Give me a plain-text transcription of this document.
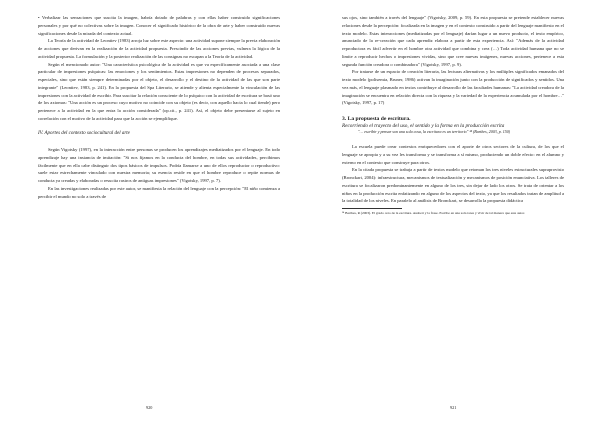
• Verbalizar las sensaciones que suscita la imagen, habría dotado de palabras y con ellas haber construido significaciones personales y por qué no colectivas sobre la imagen. Conocer el significado histórico de la obra de arte y haber construido nuevas significaciones desde la mirada del contexto actual.

La Teoría de la actividad de Leontiev (1983) arroja luz sobre este aspecto: una actividad supone siempre la previa elaboración de acciones que derivan en la realización de la actividad propuesta. Prescindir de las acciones previas, vulnera la lógica de la actividad propuesta. La formulación y la posterior realización de las consignas no escapan a la Teoría de la actividad.

Según el mencionado autor: "Una característica psicológica de la actividad es que va específicamente asociada a una clase particular de impresiones psíquicas: las emociones y los sentimientos. Estas impresiones no dependen de procesos separados, especiales, sino que están siempre determinadas por el objeto, el desarrollo y el destino de la actividad de las que son parte integrante" (Leontiev, 1983, p. 241). En la propuesta del Spa Literario, se atiende y alienta especialmente la vinculación de las impresiones con la actividad de escribir. Para suscitar la relación consciente de lo psíquico con la actividad de escritura se basó uno de los axiomas: "Una acción es un proceso cuyo motivo no coincide con su objeto (es decir, con aquello hacia lo cual tiende) pero pertenece a la actividad en la que entra la acción considerada" (op.cit., p. 241). Así, el objeto debe presentarse al sujeto en correlación con el motivo de la actividad para que la acción se ejemplifique.

IV. Aportes del contexto sociocultural del arte

Según Vigotsky (1997), en la interacción entre personas se producen los aprendizajes mediatizados por el lenguaje. En todo aprendizaje hay una instancia de imitación: "Si nos fijamos en la conducta del hombre, en todas sus actividades, percibimos fácilmente que en ella cabe distinguir dos tipos básicos de impulsos. Podría llamarse a uno de ellos reproductor o reproductivo: suele estar estrechamente vinculado con nuestra memoria; su esencia reside en que el hombre reproduce o repite normas de conducta ya creadas y elaboradas o resucita rastros de antiguas impresiones" (Vigotsky, 1997, p. 7).

En las investigaciones realizadas por este autor, se manifiesta la relación del lenguaje con la percepción: "El niño comienza a percibir el mundo no solo a través de

920

sus ojos, sino también a través del lenguaje" (Vigotsky, 2009, p. 59). En esta propuesta se pretende establecer nuevas relaciones desde la percepción: focalizada en la imagen y en el contexto construido a partir del lenguaje manifiesto en el texto modelo. Estas interacciones (mediatizadas por el lenguaje) darían lugar a un nuevo producto, el texto empírico, anunciado de la re-creación que cada aprendiz elabora a partir de esta experiencia. Así: "Además de la actividad reproductora es fácil advertir en el hombre otra actividad que combina y crea (…) Toda actividad humana que no se limite a reproducir hechos o impresiones vividas, sino que cree nuevas imágenes, nuevas acciones, pertenece a esta segunda función creadora o combinadora" (Vigotsky, 1997, p. 9).

Por tratarse de un espacio de creación literaria, las lecturas alternativas y los múltiples significados emanados del texto modelo (polisemia, Bruner, 1986) activan la imaginación junto con la producción de significados y sentidos. Una vez más, el lenguaje plasmado en textos contribuye al desarrollo de las facultades humanas: "La actividad creadora de la imaginación se encuentra en relación directa con la riqueza y la variedad de la experiencia acumulada por el hombre…" (Vigotsky, 1997, p. 17)

3. La propuesta de escritura.

Recorriendo el trayecto del uso, el sentido y la forma en la producción escrita

"… escribir y pensar son una sola cosa, la escritura es un territorio" ¹⁴ (Barthes, 2003, p. 150)

La escuela puede crear contextos enriquecedores con el aporte de otros sectores de la cultura, de los que el lenguaje se apropia y a su vez les transforma y se transforma a sí mismo, produciendo un doble efecto: en el alumno y externo en el contexto que construye para otros.

En la citada propuesta se trabaja a partir de textos modelo que retoman los tres niveles estructurales supraprovisto (Bronckart, 2004): infraestructura, mecanismos de textualización y mecanismos de posición enunciativa. Los talleres de escritura se focalizaron predominantemente en alguno de los tres, sin dejar de lado los otros. Se trata de orientar a los niños en la producción escrita enfatizando en alguno de los aspectos del texto, ya que los resultados tratan de amplitud a la totalidad de los niveles. En paralelo al análisis de Bronckart, se desarrolla la propuesta didáctica

¹⁴ Barthes, R (2003). El grado cero de la escritura. Ausbert y la frase. Escribe en una sola tarea y vivir de tal manera que este autor.

921
